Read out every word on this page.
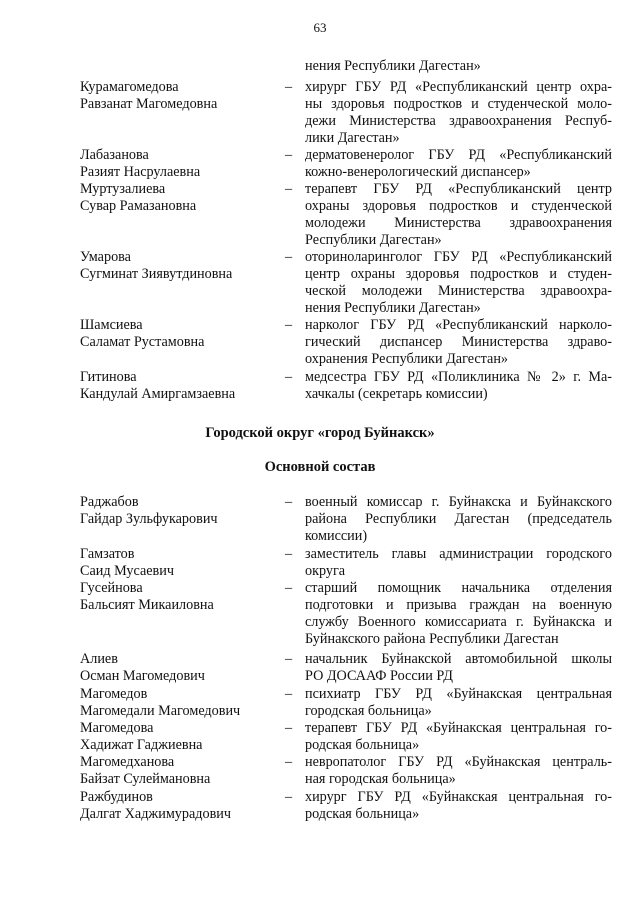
63
нения Республики Дагестан»
Курамагомедова
Равзанат Магомедовна
– хирург ГБУ РД «Республиканский центр охра-
ны здоровья подростков и студенческой моло-
дежи Министерства здравоохранения Респуб-
лики Дагестан»
Лабазанова
Разият Насрулаевна
– дерматовенеролог ГБУ РД «Республиканский
кожно-венерологический диспансер»
Муртузалиева
Сувар Рамазановна
– терапевт ГБУ РД «Республиканский центр
охраны здоровья подростков и студенческой
молодежи Министерства здравоохранения
Республики Дагестан»
Умарова
Сугминат Зиявутдиновна
– оториноларинголог ГБУ РД «Республиканский
центр охраны здоровья подростков и студен-
ческой молодежи Министерства здравоохра-
нения Республики Дагестан»
Шамсиева
Саламат Рустамовна
– нарколог ГБУ РД «Республиканский нарколо-
гический диспансер Министерства здраво-
охранения Республики Дагестан»
Гитинова
Кандулай Амиргамзаевна
– медсестра ГБУ РД «Поликлиника № 2» г. Ма-
хачкалы (секретарь комиссии)
Городской округ «город Буйнакск»
Основной состав
Раджабов
Гайдар Зульфукарович
– военный комиссар г. Буйнакска и Буйнакского
района Республики Дагестан (председатель
комиссии)
Гамзатов
Саид Мусаевич
– заместитель главы администрации городского
округа
Гусейнова
Бальсият Микаиловна
– старший помощник начальника отделения
подготовки и призыва граждан на военную
службу Военного комиссариата г. Буйнакска и
Буйнакского района Республики Дагестан
Алиев
Осман Магомедович
– начальник Буйнакской автомобильной школы
РО ДОСААФ России РД
Магомедов
Магомедали Магомедович
– психиатр ГБУ РД «Буйнакская центральная
городская больница»
Магомедова
Хадижат Гаджиевна
– терапевт ГБУ РД «Буйнакская центральная го-
родская больница»
Магомедханова
Байзат Сулеймановна
– невропатолог ГБУ РД «Буйнакская централь-
ная городская больница»
Ражбудинов
Далгат Хаджимурадович
– хирург ГБУ РД «Буйнакская центральная го-
родская больница»
